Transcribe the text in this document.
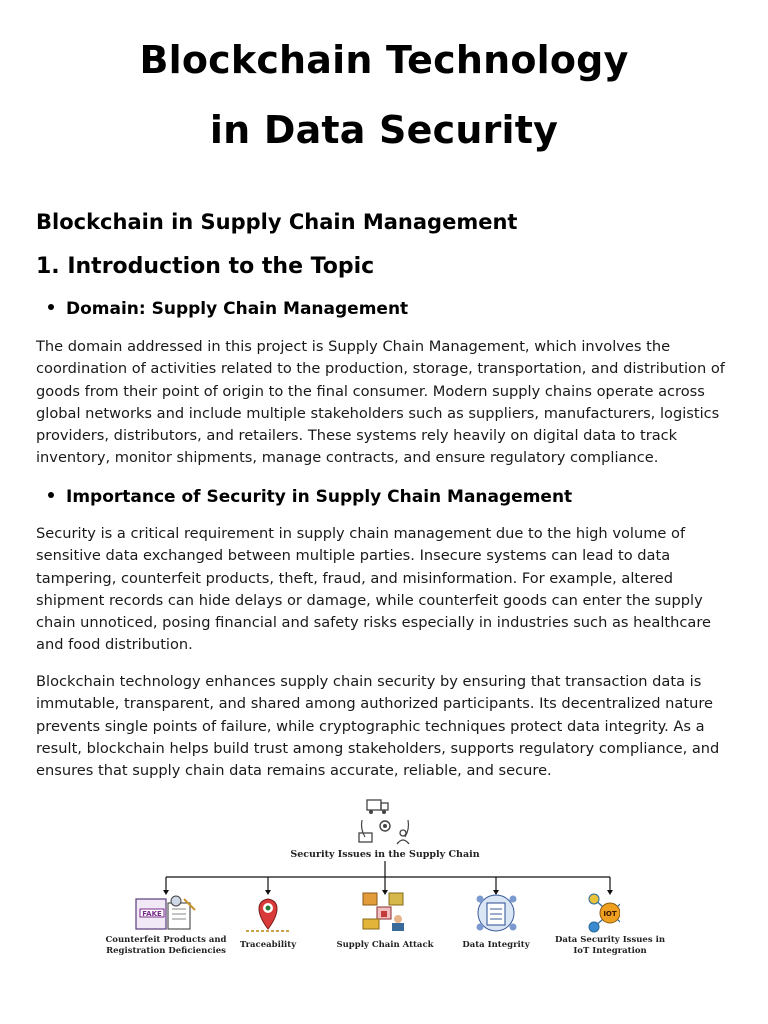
Blockchain Technology
in Data Security
Blockchain in Supply Chain Management
1. Introduction to the Topic
Domain: Supply Chain Management

The domain addressed in this project is Supply Chain Management, which involves the coordination of activities related to the production, storage, transportation, and distribution of goods from their point of origin to the final consumer. Modern supply chains operate across global networks and include multiple stakeholders such as suppliers, manufacturers, logistics providers, distributors, and retailers. These systems rely heavily on digital data to track inventory, monitor shipments, manage contracts, and ensure regulatory compliance.

Importance of Security in Supply Chain Management

Security is a critical requirement in supply chain management due to the high volume of sensitive data exchanged between multiple parties. Insecure systems can lead to data tampering, counterfeit products, theft, fraud, and misinformation. For example, altered shipment records can hide delays or damage, while counterfeit goods can enter the supply chain unnoticed, posing financial and safety risks especially in industries such as healthcare and food distribution.

Blockchain technology enhances supply chain security by ensuring that transaction data is immutable, transparent, and shared among authorized participants. Its decentralized nature prevents single points of failure, while cryptographic techniques protect data integrity. As a result, blockchain helps build trust among stakeholders, supports regulatory compliance, and ensures that supply chain data remains accurate, reliable, and secure.

FAKE	IOT
Security Issues in the Supply Chain
Counterfeit Products and
Registration Deficiencies
Traceability	Supply Chain Attack	Data Integrity	Data Security Issues in
IoT Integration
